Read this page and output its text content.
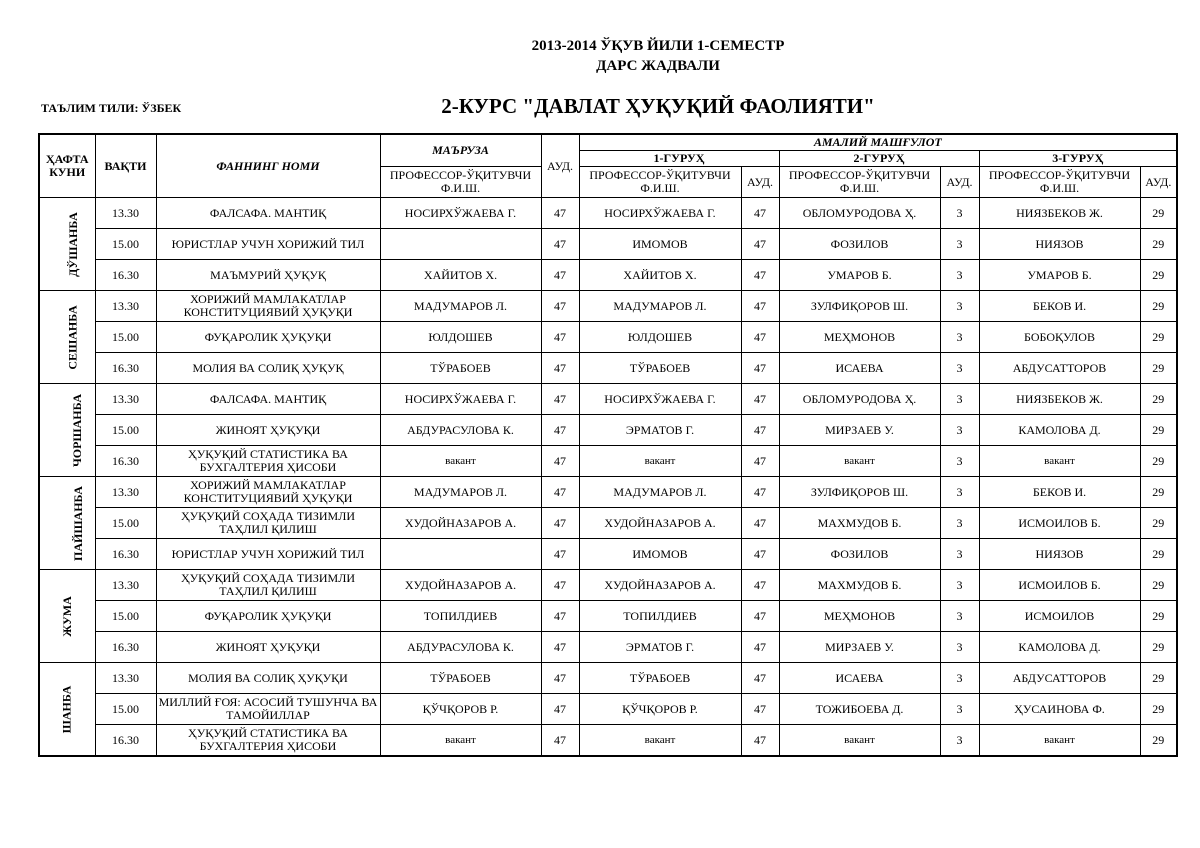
2013-2014 ЎҚУВ ЙИЛИ 1-СЕМЕСТР
ДАРС ЖАДВАЛИ
ТАЪЛИМ ТИЛИ: ЎЗБЕК	2-КУРС "ДАВЛАТ ҲУҚУҚИЙ ФАОЛИЯТИ"
ҲАФТА КУНИ	ВАҚТИ	ФАННИНГ НОМИ	МАЪРУЗА	АУД.	АМАЛИЙ МАШҒУЛОТ					
					1-ГУРУҲ		2-ГУРУҲ		3-ГУРУҲ	
			ПРОФЕССОР-ЎҚИТУВЧИ Ф.И.Ш.		ПРОФЕССОР-ЎҚИТУВЧИ Ф.И.Ш.	АУД.	ПРОФЕССОР-ЎҚИТУВЧИ Ф.И.Ш.	АУД.	ПРОФЕССОР-ЎҚИТУВЧИ Ф.И.Ш.	АУД.
ДЎШАНБА	13.30	ФАЛСАФА. МАНТИҚ	НОСИРХЎЖАЕВА Г.	47	НОСИРХЎЖАЕВА Г.	47	ОБЛОМУРОДОВА Ҳ.	3	НИЯЗБЕКОВ Ж.	29
	15.00	ЮРИСТЛАР УЧУН ХОРИЖИЙ ТИЛ		47	ИМОМОВ	47	ФОЗИЛОВ	3	НИЯЗОВ	29
	16.30	МАЪМУРИЙ ҲУҚУҚ	ХАЙИТОВ Х.	47	ХАЙИТОВ Х.	47	УМАРОВ Б.	3	УМАРОВ Б.	29
СЕШАНБА	13.30	ХОРИЖИЙ МАМЛАКАТЛАР КОНСТИТУЦИЯВИЙ ҲУҚУҚИ	МАДУМАРОВ Л.	47	МАДУМАРОВ Л.	47	ЗУЛФИҚОРОВ Ш.	3	БЕКОВ И.	29
	15.00	ФУҚАРОЛИК ҲУҚУҚИ	ЮЛДОШЕВ	47	ЮЛДОШЕВ	47	МЕҲМОНОВ	3	БОБОҚУЛОВ	29
	16.30	МОЛИЯ ВА СОЛИҚ ҲУҚУҚ	ТЎРАБОЕВ	47	ТЎРАБОЕВ	47	ИСАЕВА	3	АБДУСАТТОРОВ	29
ЧОРШАНБА	13.30	ФАЛСАФА. МАНТИҚ	НОСИРХЎЖАЕВА Г.	47	НОСИРХЎЖАЕВА Г.	47	ОБЛОМУРОДОВА Ҳ.	3	НИЯЗБЕКОВ Ж.	29
	15.00	ЖИНОЯТ ҲУҚУҚИ	АБДУРАСУЛОВА К.	47	ЭРМАТОВ Г.	47	МИРЗАЕВ У.	3	КАМОЛОВА Д.	29
	16.30	ҲУҚУҚИЙ СТАТИСТИКА ВА БУХГАЛТЕРИЯ ҲИСОБИ	вакант	47	вакант	47	вакант	3	вакант	29
ПАЙШАНБА	13.30	ХОРИЖИЙ МАМЛАКАТЛАР КОНСТИТУЦИЯВИЙ ҲУҚУҚИ	МАДУМАРОВ Л.	47	МАДУМАРОВ Л.	47	ЗУЛФИҚОРОВ Ш.	3	БЕКОВ И.	29
	15.00	ҲУҚУҚИЙ СОҲАДА ТИЗИМЛИ ТАҲЛИЛ ҚИЛИШ	ХУДОЙНАЗАРОВ А.	47	ХУДОЙНАЗАРОВ А.	47	МАХМУДОВ Б.	3	ИСМОИЛОВ Б.	29
	16.30	ЮРИСТЛАР УЧУН ХОРИЖИЙ ТИЛ		47	ИМОМОВ	47	ФОЗИЛОВ	3	НИЯЗОВ	29
ЖУМА	13.30	ҲУҚУҚИЙ СОҲАДА ТИЗИМЛИ ТАҲЛИЛ ҚИЛИШ	ХУДОЙНАЗАРОВ А.	47	ХУДОЙНАЗАРОВ А.	47	МАХМУДОВ Б.	3	ИСМОИЛОВ Б.	29
	15.00	ФУҚАРОЛИК ҲУҚУҚИ	ТОПИЛДИЕВ	47	ТОПИЛДИЕВ	47	МЕҲМОНОВ	3	ИСМОИЛОВ	29
	16.30	ЖИНОЯТ ҲУҚУҚИ	АБДУРАСУЛОВА К.	47	ЭРМАТОВ Г.	47	МИРЗАЕВ У.	3	КАМОЛОВА Д.	29
ШАНБА	13.30	МОЛИЯ ВА СОЛИҚ ҲУҚУҚИ	ТЎРАБОЕВ	47	ТЎРАБОЕВ	47	ИСАЕВА	3	АБДУСАТТОРОВ	29
	15.00	МИЛЛИЙ ҒОЯ: АСОСИЙ ТУШУНЧА ВА ТАМОЙИЛЛАР	ҚЎЧҚОРОВ Р.	47	ҚЎЧҚОРОВ Р.	47	ТОЖИБОЕВА Д.	3	ҲУСАИНОВА Ф.	29
	16.30	ҲУҚУҚИЙ СТАТИСТИКА ВА БУХГАЛТЕРИЯ ҲИСОБИ	вакант	47	вакант	47	вакант	3	вакант	29
